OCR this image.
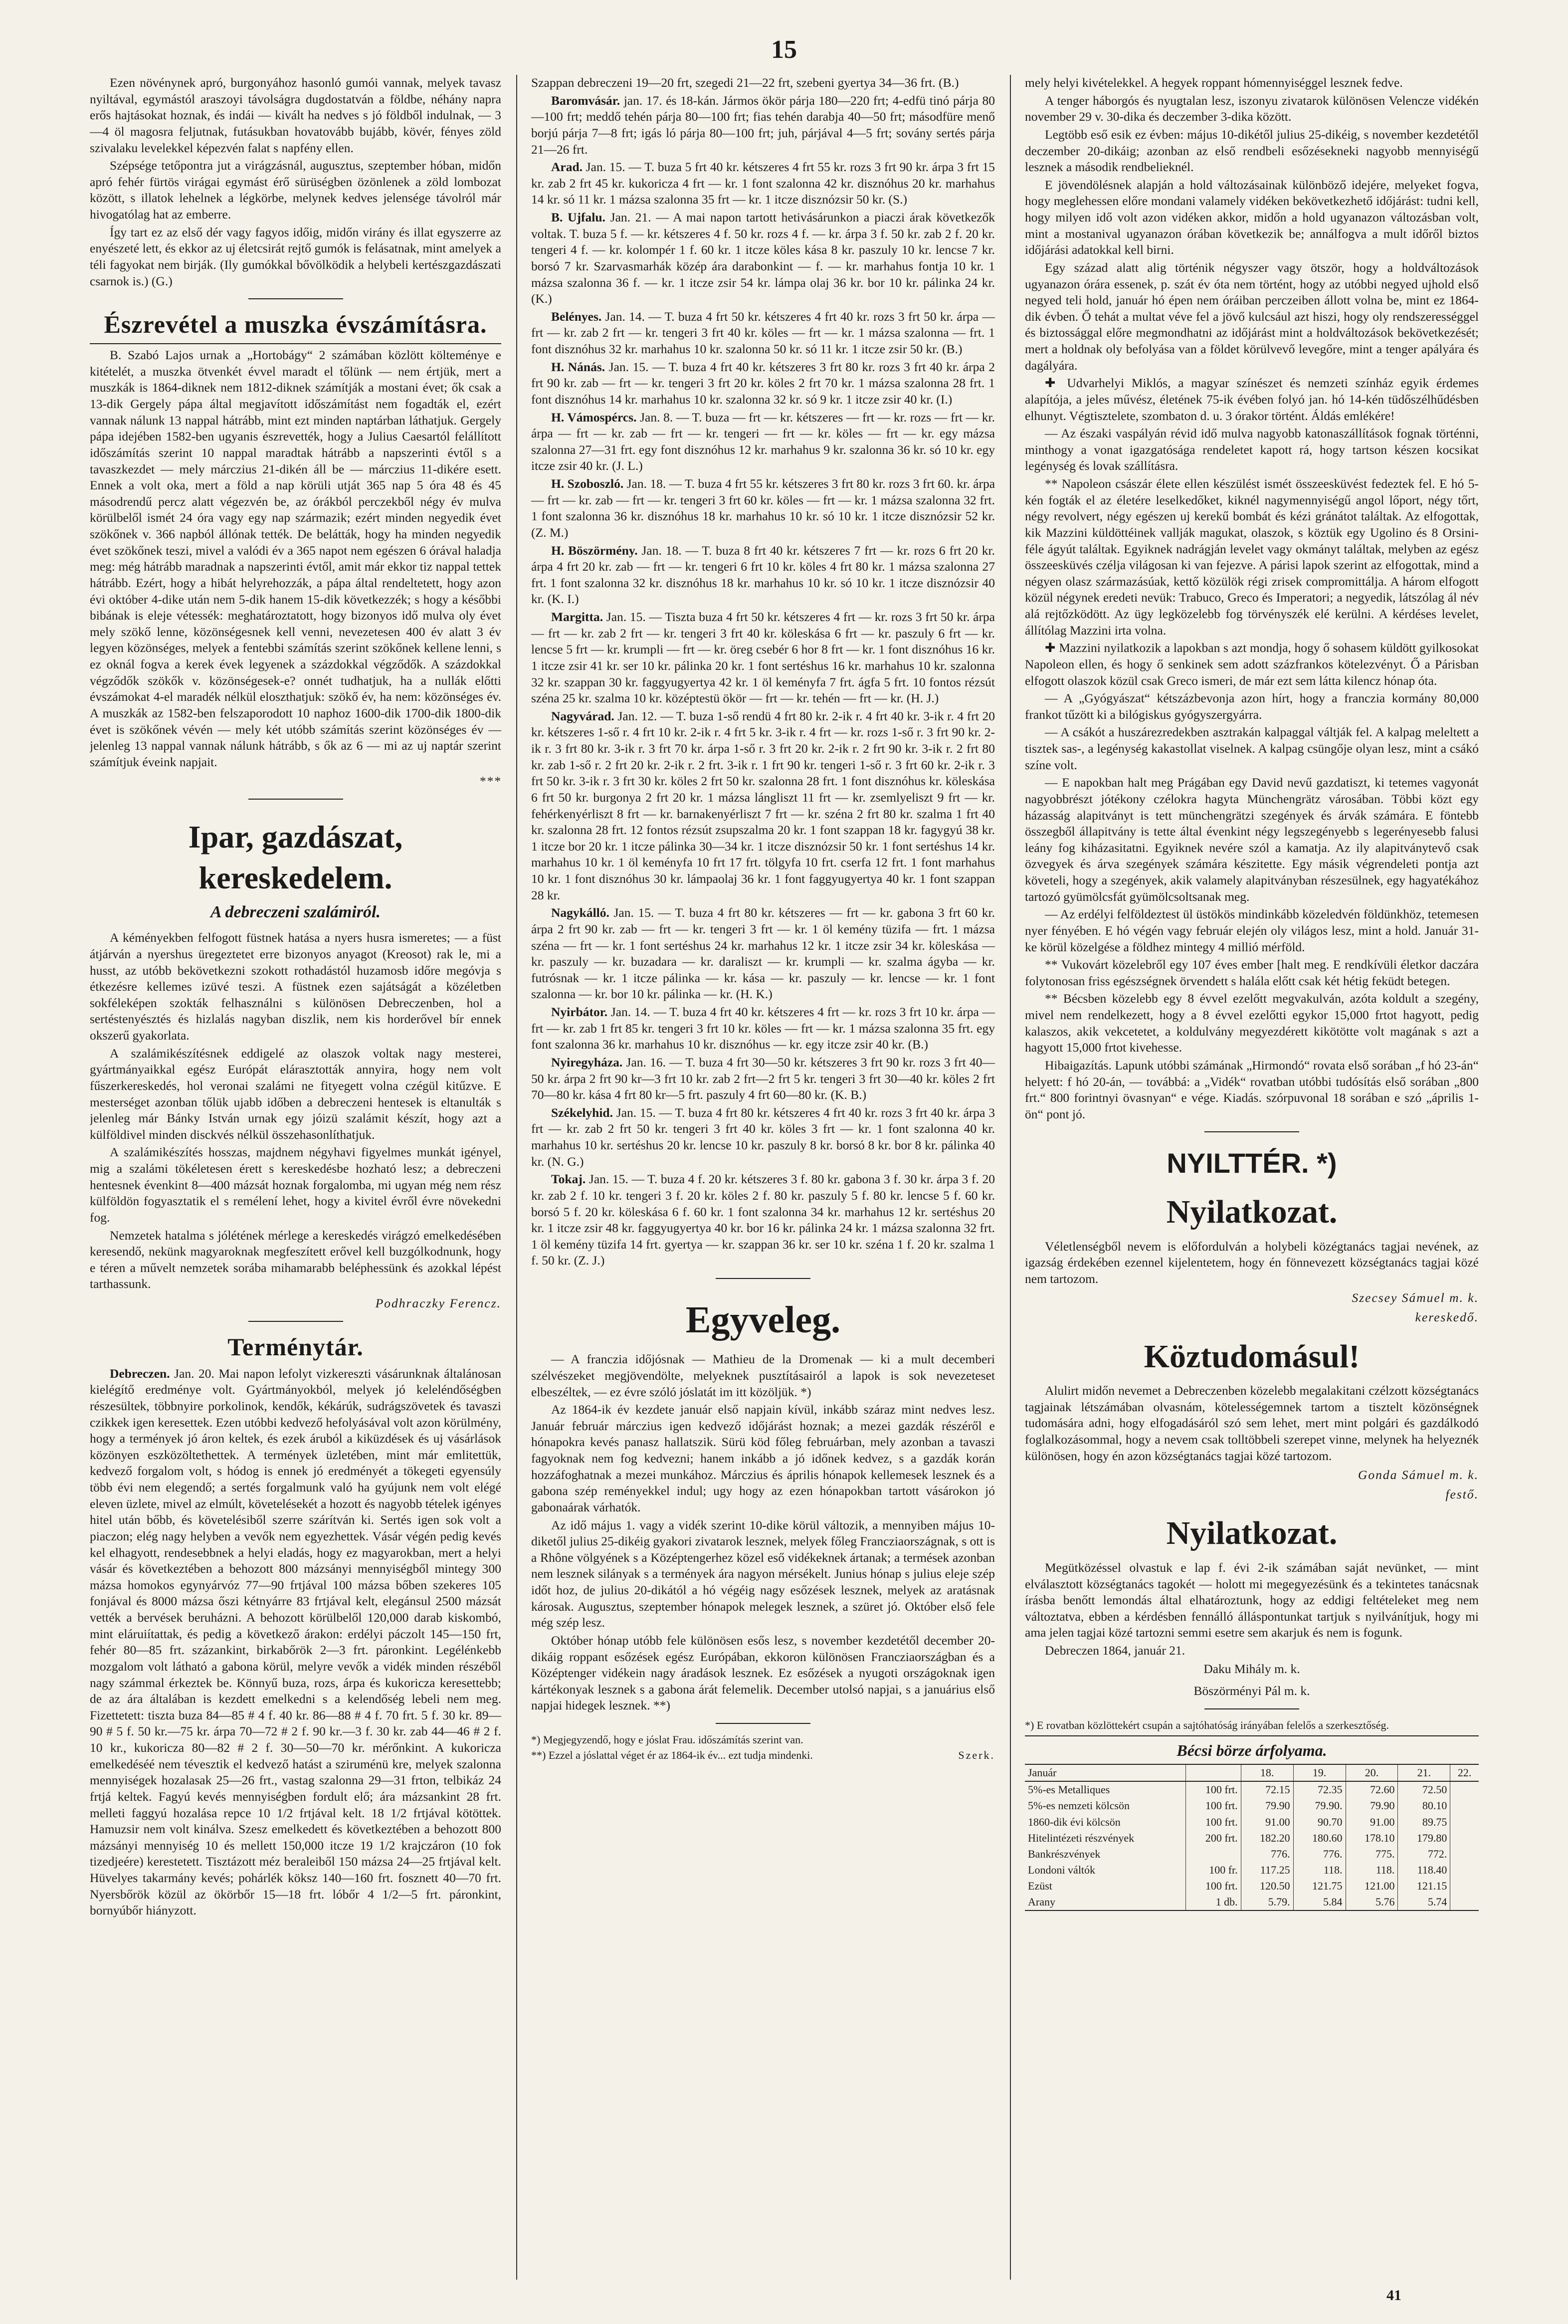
15

Ezen növénynek apró, burgonyához hasonló gumói vannak, melyek tavasz nyiltával, egymástól araszoyi távolságra dugdostatván a földbe, néhány napra erős hajtásokat hoznak, és indái — kivált ha nedves s jó földből indulnak, — 3—4 öl magosra feljutnak, futásukban hovatovább bujább, kövér, fényes zöld szivalaku levelekkel képezvén falat s napfény ellen.

Szépsége tetőpontra jut a virágzásnál, augusztus, szeptember hóban, midőn apró fehér fürtös virágai egymást érő sürüségben özönlenek a zöld lombozat között, s illatok lehelnek a légkörbe, melynek kedves jelensége távolról már hivogatólag hat az emberre.

Így tart ez az első dér vagy fagyos időig, midőn virány és illat egyszerre az enyészeté lett, és ekkor az uj életcsirát rejtő gumók is felásatnak, mint amelyek a téli fagyokat nem birják. (Ily gumókkal bővölködik a helybeli kertészgazdászati csarnok is.) (G.)

Észrevétel a muszka évszámításra.

B. Szabó Lajos urnak a „Hortobágy“ 2 számában közlött költeménye e kitételét, a muszka ötvenkét évvel maradt el tőlünk — nem értjük, mert a muszkák is 1864-diknek nem 1812-diknek számítják a mostani évet; ők csak a 13-dik Gergely pápa által megjavított időszámítást nem fogadták el, ezért vannak nálunk 13 nappal hátrább, mint ezt minden naptárban láthatjuk. Gergely pápa idejében 1582-ben ugyanis észrevették, hogy a Julius Caesartól felállított időszámítás szerint 10 nappal maradtak hátrább a napszerinti évtől s a tavaszkezdet — mely márczius 21-dikén áll be — márczius 11-dikére esett. Ennek a volt oka, mert a föld a nap körüli utját 365 nap 5 óra 48 és 45 másodrendű percz alatt végezvén be, az órákból perczekből négy év mulva körülbelől ismét 24 óra vagy egy nap származik; ezért minden negyedik évet szökőnek v. 366 napból állónak tették. De belátták, hogy ha minden negyedik évet szökőnek teszi, mivel a valódi év a 365 napot nem egészen 6 órával haladja meg: még hátrább maradnak a napszerinti évtől, amit már ekkor tiz nappal tettek hátrább. Ezért, hogy a hibát helyrehozzák, a pápa által rendeltetett, hogy azon évi október 4-dike után nem 5-dik hanem 15-dik következzék; s hogy a későbbi bibának is eleje vétessék: meghatároztatott, hogy bizonyos idő mulva oly évet mely szökő lenne, közönségesnek kell venni, nevezetesen 400 év alatt 3 év legyen közönséges, melyek a fentebbi számítás szerint szökőnek kellene lenni, s ez oknál fogva a kerek évek legyenek a százdokkal végződők. A százdokkal végződők szökők v. közönségesek-e? onnét tudhatjuk, ha a nullák előtti évszámokat 4-el maradék nélkül eloszthatjuk: szökő év, ha nem: közönséges év. A muszkák az 1582-ben felszaporodott 10 naphoz 1600-dik 1700-dik 1800-dik évet is szökőnek vévén — mely két utóbb számítás szerint közönséges év — jelenleg 13 nappal vannak nálunk hátrább, s ők az 6 — mi az uj naptár szerint számítjuk éveink napjait.

***

Ipar, gazdászat, kereskedelem.
A debreczeni szalámiról.

A kéményekben felfogott füstnek hatása a nyers husra ismeretes; — a füst átjárván a nyershus üregeztetet erre bizonyos anyagot (Kreosot) rak le, mi a husst, az utóbb bekövetkezni szokott rothadástól huzamosb időre megóvja s étkezésre kellemes izüvé teszi. A füstnek ezen sajátságát a közéletben sokféleképen szokták felhasználni s különösen Debreczenben, hol a sertéstenyésztés és hizlalás nagyban diszlik, nem kis horderővel bír ennek okszerű gyakorlata.

A szalámikészítésnek eddigelé az olaszok voltak nagy mesterei, gyártmányaikkal egész Európát elárasztották annyira, hogy nem volt fűszerkereskedés, hol veronai szalámi ne fityegett volna czégül kitűzve. E mesterséget azonban tőlük ujabb időben a debreczeni hentesek is eltanulták s jelenleg már Bánky István urnak egy jóizü szalámit készít, hogy azt a külföldivel minden disckvés nélkül összehasonlíthatjuk.

A szalámikészítés hosszas, majdnem négyhavi figyelmes munkát igényel, mig a szalámi tökéletesen érett s kereskedésbe hozható lesz; a debreczeni hentesnek évenkint 8—400 mázsát hoznak forgalomba, mi ugyan még nem rész külföldön fogyasztatik el s remélení lehet, hogy a kivitel évről évre növekedni fog.

Nemzetek hatalma s jólétének mérlege a kereskedés virágzó emelkedésében keresendő, nekünk magyaroknak megfeszített erővel kell buzgólkodnunk, hogy e téren a művelt nemzetek sorába mihamarabb beléphessünk és azokkal lépést tarthassunk.

Podhraczky Ferencz.

Terménytár.

Debreczen. Jan. 20. Mai napon lefolyt vizkereszti vásárunknak általánosan kielégítő eredménye volt. Gyártmányokból, melyek jó keleléndőségben részesültek, többnyire porkolinok, kendők, kékárúk, sudrágszövetek és tavaszi czikkek igen keresettek. Ezen utóbbi kedvező hefolyásával volt azon körülmény, hogy a termények jó áron keltek, és ezek áruból a kiküzdések és uj vásárlások közönyen eszközöltethettek. A termények üzletében, mint már emlitettük, kedvező forgalom volt, s hódog is ennek jó eredményét a tökegeti egyensúly több évi nem elegendő; a sertés forgalmunk való ha gyújunk nem volt elégé eleven üzlete, mivel az elmúlt, követelésekét a hozott és nagyobb tételek igényes hitel után bőbb, és követelésiből szerre szárítván ki. Sertés igen sok volt a piaczon; elég nagy helyben a vevők nem egyezhettek. Vásár végén pedig kevés kel elhagyott, rendesebbnek a helyi eladás, hogy ez magyarokban, mert a helyi vásár és következtében a behozott 800 mázsányi mennyiségből mintegy 300 mázsa homokos egynyárvóz 77—90 frtjával 100 mázsa bőben szekeres 105 fonjával és 8000 mázsa őszi kétnyárre 83 frtjával kelt, elegánsul 2500 mázsát vették a bervések beruházni. A behozott körülbelől 120,000 darab kiskombó, mint eláruiítattak, és pedig a következő árakon: erdélyi páczolt 145—150 frt, fehér 80—85 frt. százankint, birkabőrök 2—3 frt. páronkint. Legélénkebb mozgalom volt látható a gabona körül, melyre vevők a vidék minden részéből nagy számmal érkeztek be. Könnyű buza, rozs, árpa és kukoricza keresettebb; de az ára általában is kezdett emelkedni s a kelendőség lebeli nem meg. Fizettetett: tiszta buza 84—85 # 4 f. 40 kr. 86—88 # 4 f. 70 frt. 5 f. 30 kr. 89—90 # 5 f. 50 kr.—75 kr. árpa 70—72 # 2 f. 90 kr.—3 f. 30 kr. zab 44—46 # 2 f. 10 kr., kukoricza 80—82 # 2 f. 30—50—70 kr. mérőnkint. A kukoricza emelkedéséé nem tévesztik el kedvező hatást a sziruménü kre, melyek szalonna mennyiségek hozalasak 25—26 frt., vastag szalonna 29—31 frton, telbikáz 24 frtjá keltek. Fagyú kevés mennyiségben fordult elő; ára mázsankint 28 frt. melleti faggyú hozalása repce 10 1/2 frtjával kelt. 18 1/2 frtjával kötöttek. Hamuzsir nem volt kinálva. Szesz emelkedett és következtében a behozott 800 mázsányi mennyiség 10 és mellett 150,000 itcze 19 1/2 krajczáron (10 fok tizedjeére) kerestetett. Tisztázott méz beraleiből 150 mázsa 24—25 frtjával kelt. Hüvelyes takarmány kevés; pohárlék köksz 140—160 frt. fosznett 40—70 frt. Nyersbőrök közül az ökörbőr 15—18 frt. lóbőr 4 1/2—5 frt. páronkint, bornyúbőr hiányzott.

Szappan debreczeni 19—20 frt, szegedi 21—22 frt, szebeni gyertya 34—36 frt. (B.)

Baromvásár. jan. 17. és 18-kán. Jármos ökör párja 180—220 frt; 4-edfü tinó párja 80—100 frt; meddő tehén párja 80—100 frt; fias tehén darabja 40—50 frt; másodfüre menő borjú párja 7—8 frt; igás ló párja 80—100 frt; juh, párjával 4—5 frt; sovány sertés párja 21—26 frt.

Arad. Jan. 15. — T. buza 5 frt 40 kr. kétszeres 4 frt 55 kr. rozs 3 frt 90 kr. árpa 3 frt 15 kr. zab 2 frt 45 kr. kukoricza 4 frt — kr. 1 font szalonna 42 kr. disznóhus 20 kr. marhahus 14 kr. só 11 kr. 1 mázsa szalonna 35 frt — kr. 1 itcze disznózsir 50 kr. (S.)

B. Ujfalu. Jan. 21. — A mai napon tartott hetivásárunkon a piaczi árak következők voltak. T. buza 5 f. — kr. kétszeres 4 f. 50 kr. rozs 4 f. — kr. árpa 3 f. 50 kr. zab 2 f. 20 kr. tengeri 4 f. — kr. kolompér 1 f. 60 kr. 1 itcze köles kása 8 kr. paszuly 10 kr. lencse 7 kr. borsó 7 kr. Szarvasmarhák közép ára darabonkint — f. — kr. marhahus fontja 10 kr. 1 mázsa szalonna 36 f. — kr. 1 itcze zsir 54 kr. lámpa olaj 36 kr. bor 10 kr. pálinka 24 kr. (K.)

Belényes. Jan. 14. — T. buza 4 frt 50 kr. kétszeres 4 frt 40 kr. rozs 3 frt 50 kr. árpa — frt — kr. zab 2 frt — kr. tengeri 3 frt 40 kr. köles — frt — kr. 1 mázsa szalonna — frt. 1 font disznóhus 32 kr. marhahus 10 kr. szalonna 50 kr. só 11 kr. 1 itcze zsir 50 kr. (B.)

H. Nánás. Jan. 15. — T. buza 4 frt 40 kr. kétszeres 3 frt 80 kr. rozs 3 frt 40 kr. árpa 2 frt 90 kr. zab — frt — kr. tengeri 3 frt 20 kr. köles 2 frt 70 kr. 1 mázsa szalonna 28 frt. 1 font disznóhus 14 kr. marhahus 10 kr. szalonna 32 kr. só 9 kr. 1 itcze zsir 40 kr. (I.)

H. Vámospércs. Jan. 8. — T. buza — frt — kr. kétszeres — frt — kr. rozs — frt — kr. árpa — frt — kr. zab — frt — kr. tengeri — frt — kr. köles — frt — kr. egy mázsa szalonna 27—31 frt. egy font disznóhus 12 kr. marhahus 9 kr. szalonna 36 kr. só 10 kr. egy itcze zsir 40 kr. (J. L.)

H. Szoboszló. Jan. 18. — T. buza 4 frt 55 kr. kétszeres 3 frt 80 kr. rozs 3 frt 60. kr. árpa — frt — kr. zab — frt — kr. tengeri 3 frt 60 kr. köles — frt — kr. 1 mázsa szalonna 32 frt. 1 font szalonna 36 kr. disznóhus 18 kr. marhahus 10 kr. só 10 kr. 1 itcze disznózsir 52 kr. (Z. M.)

H. Böszörmény. Jan. 18. — T. buza 8 frt 40 kr. kétszeres 7 frt — kr. rozs 6 frt 20 kr. árpa 4 frt 20 kr. zab — frt — kr. tengeri 6 frt 10 kr. köles 4 frt 80 kr. 1 mázsa szalonna 27 frt. 1 font szalonna 32 kr. disznóhus 18 kr. marhahus 10 kr. só 10 kr. 1 itcze disznózsir 40 kr. (K. I.)

Margitta. Jan. 15. — Tiszta buza 4 frt 50 kr. kétszeres 4 frt — kr. rozs 3 frt 50 kr. árpa — frt — kr. zab 2 frt — kr. tengeri 3 frt 40 kr. köleskása 6 frt — kr. paszuly 6 frt — kr. lencse 5 frt — kr. krumpli — frt — kr. öreg csebér 6 hor 8 frt — kr. 1 font disznóhus 16 kr. 1 itcze zsir 41 kr. ser 10 kr. pálinka 20 kr. 1 font sertéshus 16 kr. marhahus 10 kr. szalonna 32 kr. szappan 30 kr. faggyugyertya 42 kr. 1 öl keményfa 7 frt. ágfa 5 frt. 10 fontos rézsút széna 25 kr. szalma 10 kr. középtestü ökör — frt — kr. tehén — frt — kr. (H. J.)

Nagyvárad. Jan. 12. — T. buza 1-ső rendü 4 frt 80 kr. 2-ik r. 4 frt 40 kr. 3-ik r. 4 frt 20 kr. kétszeres 1-ső r. 4 frt 10 kr. 2-ik r. 4 frt 5 kr. 3-ik r. 4 frt — kr. rozs 1-ső r. 3 frt 90 kr. 2-ik r. 3 frt 80 kr. 3-ik r. 3 frt 70 kr. árpa 1-ső r. 3 frt 20 kr. 2-ik r. 2 frt 90 kr. 3-ik r. 2 frt 80 kr. zab 1-ső r. 2 frt 20 kr. 2-ik r. 2 frt. 3-ik r. 1 frt 90 kr. tengeri 1-ső r. 3 frt 60 kr. 2-ik r. 3 frt 50 kr. 3-ik r. 3 frt 30 kr. köles 2 frt 50 kr. szalonna 28 frt. 1 font disznóhus kr. köleskása 6 frt 50 kr. burgonya 2 frt 20 kr. 1 mázsa lángliszt 11 frt — kr. zsemlyeliszt 9 frt — kr. fehérkenyérliszt 8 frt — kr. barnakenyérliszt 7 frt — kr. széna 2 frt 80 kr. szalma 1 frt 40 kr. szalonna 28 frt. 12 fontos rézsút zsupszalma 20 kr. 1 font szappan 18 kr. fagygyú 38 kr. 1 itcze bor 20 kr. 1 itcze pálinka 30—34 kr. 1 itcze disznózsir 50 kr. 1 font sertéshus 14 kr. marhahus 10 kr. 1 öl keményfa 10 frt 17 frt. tölgyfa 10 frt. cserfa 12 frt. 1 font marhahus 10 kr. 1 font disznóhus 30 kr. lámpaolaj 36 kr. 1 font faggyugyertya 40 kr. 1 font szappan 28 kr.

Nagykálló. Jan. 15. — T. buza 4 frt 80 kr. kétszeres — frt — kr. gabona 3 frt 60 kr. árpa 2 frt 90 kr. zab — frt — kr. tengeri 3 frt — kr. 1 öl kemény tüzifa — frt. 1 mázsa széna — frt — kr. 1 font sertéshus 24 kr. marhahus 12 kr. 1 itcze zsir 34 kr. köleskása — kr. paszuly — kr. buzadara — kr. daraliszt — kr. krumpli — kr. szalma ágyba — kr. futrósnak — kr. 1 itcze pálinka — kr. kása — kr. paszuly — kr. lencse — kr. 1 font szalonna — kr. bor 10 kr. pálinka — kr. (H. K.)

Nyirbátor. Jan. 14. — T. buza 4 frt 40 kr. kétszeres 4 frt — kr. rozs 3 frt 10 kr. árpa — frt — kr. zab 1 frt 85 kr. tengeri 3 frt 10 kr. köles — frt — kr. 1 mázsa szalonna 35 frt. egy font szalonna 36 kr. marhahus 10 kr. disznóhus — kr. egy itcze zsir 40 kr. (B.)

Nyiregyháza. Jan. 16. — T. buza 4 frt 30—50 kr. kétszeres 3 frt 90 kr. rozs 3 frt 40—50 kr. árpa 2 frt 90 kr—3 frt 10 kr. zab 2 frt—2 frt 5 kr. tengeri 3 frt 30—40 kr. köles 2 frt 70—80 kr. kása 4 frt 80 kr—5 frt. paszuly 4 frt 60—80 kr. (K. B.)

Székelyhid. Jan. 15. — T. buza 4 frt 80 kr. kétszeres 4 frt 40 kr. rozs 3 frt 40 kr. árpa 3 frt — kr. zab 2 frt 50 kr. tengeri 3 frt 40 kr. köles 3 frt — kr. 1 font szalonna 40 kr. marhahus 10 kr. sertéshus 20 kr. lencse 10 kr. paszuly 8 kr. borsó 8 kr. bor 8 kr. pálinka 40 kr. (N. G.)

Tokaj. Jan. 15. — T. buza 4 f. 20 kr. kétszeres 3 f. 80 kr. gabona 3 f. 30 kr. árpa 3 f. 20 kr. zab 2 f. 10 kr. tengeri 3 f. 20 kr. köles 2 f. 80 kr. paszuly 5 f. 80 kr. lencse 5 f. 60 kr. borsó 5 f. 20 kr. köleskása 6 f. 60 kr. 1 font szalonna 34 kr. marhahus 12 kr. sertéshus 20 kr. 1 itcze zsir 48 kr. faggyugyertya 40 kr. bor 16 kr. pálinka 24 kr. 1 mázsa szalonna 32 frt. 1 öl kemény tüzifa 14 frt. gyertya — kr. szappan 36 kr. ser 10 kr. széna 1 f. 20 kr. szalma 1 f. 50 kr. (Z. J.)

Egyveleg.

— A franczia időjósnak — Mathieu de la Dromenak — ki a mult decemberi szélvészeket megjövendölte, melyeknek pusztításairól a lapok is sok nevezeteset elbeszéltek, — ez évre szóló jóslatát im itt közöljük. *)

Az 1864-ik év kezdete január első napjain kívül, inkább száraz mint nedves lesz. Január február márczius igen kedvező időjárást hoznak; a mezei gazdák részéről e hónapokra kevés panasz hallatszik. Sürü köd főleg februárban, mely azonban a tavaszi fagyoknak nem fog kedvezni; hanem inkább a jó időnek kedvez, s a gazdák korán hozzáfoghatnak a mezei munkához. Márczius és április hónapok kellemesek lesznek és a gabona szép reményekkel indul; ugy hogy az ezen hónapokban tartott vásárokon jó gabonaárak várhatók.

Az idő május 1. vagy a vidék szerint 10-dike körül változik, a mennyiben május 10-diketől julius 25-dikéig gyakori zivatarok lesznek, melyek főleg Francziaországnak, s ott is a Rhône völgyének s a Középtengerhez közel eső vidékeknek ártanak; a termések azonban nem lesznek silányak s a termények ára nagyon mérsékelt. Junius hónap s julius eleje szép időt hoz, de julius 20-dikától a hó végéig nagy esőzések lesznek, melyek az aratásnak károsak. Augusztus, szeptember hónapok melegek lesznek, a szüret jó. Október első fele még szép lesz.

Október hónap utóbb fele különösen esős lesz, s november kezdetétől december 20-dikáig roppant esőzések egész Európában, ekkoron különösen Francziaországban és a Középtenger vidékein nagy áradások lesznek. Ez esőzések a nyugoti országoknak igen kártékonyak lesznek s a gabona árát felemelik. December utolsó napjai, s a januárius első napjai hidegek lesznek. **)

*) Megjegyzendő, hogy e jóslat Frau. időszámítás szerint van.

**) Ezzel a jóslattal véget ér az 1864-ik év... ezt tudja mindenki.	Szerk.

mely helyi kivételekkel. A hegyek roppant hómennyiséggel lesznek fedve.

A tenger háborgós és nyugtalan lesz, iszonyu zivatarok különösen Velencze vidékén november 29 v. 30-dika és deczember 3-dika között.

Legtöbb eső esik ez évben: május 10-dikétől julius 25-dikéig, s november kezdetétől deczember 20-dikáig; azonban az első rendbeli esőzésekneki nagyobb mennyiségű lesznek a második rendbelieknél.

E jövendölésnek alapján a hold változásainak különböző idejére, melyeket fogva, hogy meglehessen előre mondani valamely vidéken bekövetkezhető időjárást: tudni kell, hogy milyen idő volt azon vidéken akkor, midőn a hold ugyanazon változásban volt, mint a mostanival ugyanazon órában következik be; annálfogva a mult időről biztos időjárási adatokkal kell birni.

Egy század alatt alig történik négyszer vagy ötször, hogy a holdváltozások ugyanazon órára essenek, p. szát év óta nem történt, hogy az utóbbi negyed ujhold első negyed teli hold, január hó épen nem óráiban perczeiben állott volna be, mint ez 1864-dik évben. Ő tehát a multat véve fel a jövő kulcsául azt hiszi, hogy oly rendszerességgel és biztossággal előre megmondhatni az időjárást mint a holdváltozások bekövetkezését; mert a holdnak oly befolyása van a földet körülvevő levegőre, mint a tenger apályára és dagályára.

✚ Udvarhelyi Miklós, a magyar színészet és nemzeti színház egyik érdemes alapítója, a jeles művész, életének 75-ik évében folyó jan. hó 14-kén tüdőszélhűdésben elhunyt. Végtisztelete, szombaton d. u. 3 órakor történt. Áldás emlékére!

— Az északi vaspályán révid idő mulva nagyobb katonaszállítások fognak történni, minthogy a vonat igazgatósága rendeletet kapott rá, hogy tartson készen kocsikat legénység és lovak szállításra.

** Napoleon császár élete ellen készülést ismét összeesküvést fedeztek fel. E hó 5-kén fogták el az életére leselkedőket, kiknél nagymennyiségű angol lőport, négy tőrt, négy revolvert, négy egészen uj kerekű bombát és kézi gránátot találtak. Az elfogottak, kik Mazzini küldöttéinek vallják magukat, olaszok, s köztük egy Ugolino és 8 Orsini-féle ágyút találtak. Egyiknek nadrágján levelet vagy okmányt találtak, melyben az egész összeesküvés czélja világosan ki van fejezve. A párisi lapok szerint az elfogottak, mind a négyen olasz származásúak, kettő közülök régi zrisek compromittálja. A három elfogott közül négynek eredeti nevük: Trabuco, Greco és Imperatori; a negyedik, látszólag ál név alá rejtőzködött. Az ügy legközelebb fog törvényszék elé kerülni. A kérdéses levelet, állítólag Mazzini irta volna.

✚ Mazzini nyilatkozik a lapokban s azt mondja, hogy ő sohasem küldött gyilkosokat Napoleon ellen, és hogy ő senkinek sem adott százfrankos kötelezvényt. Ő a Párisban elfogott olaszok közül csak Greco ismeri, de már ezt sem látta kilencz hónap óta.

— A „Gyógyászat“ kétszázbevonja azon hírt, hogy a franczia kormány 80,000 frankot tűzött ki a bilógiskus gyógyszergyárra.

— A csákót a huszárezredekben asztrakán kalpaggal váltják fel. A kalpag meleltett a tisztek sas-, a legénység kakastollat viselnek. A kalpag csüngője olyan lesz, mint a csákó színe volt.

— E napokban halt meg Prágában egy David nevű gazdatiszt, ki tetemes vagyonát nagyobbrészt jótékony czélokra hagyta Münchengrätz városában. Többi közt egy házasság alapitványt is tett münchengrätzi szegények és árvák számára. E föntebb összegből állapitvány is tette által évenkint négy legszegényebb s legerényesebb falusi leány fog kiházasitatni. Egyiknek nevére szól a kamatja. Az ily alapitványtevő csak özvegyek és árva szegények számára készitette. Egy másik végrendeleti pontja azt követeli, hogy a szegények, akik valamely alapitványban részesülnek, egy hagyatékához tartozó gyümölcsfát gyümölcsoltsanak meg.

— Az erdélyi felföldeztest ül üstökös mindinkább közeledvén földünkhöz, tetemesen nyer fényében. E hó végén vagy február elején oly világos lesz, mint a hold. Január 31-ke körül közelgése a földhez mintegy 4 millió mérföld.

** Vukovárt közelebről egy 107 éves ember [halt meg. E rendkívüli életkor daczára folytonosan friss egészségnek örvendett s halála előtt csak két hétig feküdt betegen.

** Bécsben közelebb egy 8 évvel ezelőtt megvakulván, azóta koldult a szegény, mivel nem rendelkezett, hogy a 8 évvel ezelőtti egykor 15,000 frtot hagyott, pedig kalaszos, akik vekcetetet, a koldulvány megyezdérett kikötötte volt magának s azt a hagyott 15,000 frtot kivehesse.

Hibaigazítás. Lapunk utóbbi számának „Hirmondó“ rovata első sorában „f hó 23-án“ helyett: f hó 20-án, — továbbá: a „Vidék“ rovatban utóbbi tudósítás első sorában „800 frt.“ 800 forintnyi övasnyan“ e vége. Kiadás. szórpuvonal 18 sorában e szó „április 1-ön“ pont jó.

NYILTTÉR. *)
Nyilatkozat.

Véletlenségből nevem is előfordulván a holybeli közégtanács tagjai nevének, az igazság érdekében ezennel kijelentetem, hogy én fönnevezett községtanács tagjai közé nem tartozom.

Szecsey Sámuel m. k.

kereskedő.

Köztudomásul!

Alulirt midőn nevemet a Debreczenben közelebb megalakitani czélzott községtanács tagjainak létszámában olvasnám, kötelességemnek tartom a tisztelt közönségnek tudomására adni, hogy elfogadásáról szó sem lehet, mert mint polgári és gazdálkodó foglalkozásommal, hogy a nevem csak tolltöbbeli szerepet vinne, melynek ha helyeznék különösen, hogy én azon községtanács tagjai közé tartozom.

Gonda Sámuel m. k.

festő.

Nyilatkozat.

Megütközéssel olvastuk e lap f. évi 2-ik számában saját nevünket, — mint elválasztott községtanács tagokét — holott mi megegyezésünk és a tekintetes tanácsnak írásba benőtt lemondás által elhatároztunk, hogy az eddigi feltételeket meg nem változtatva, ebben a kérdésben fennálló álláspontunkat tartjuk s nyilvánítjuk, hogy mi ama jelen tagjai közé tartozni semmi esetre sem akarjuk és nem is fogunk.

Debreczen 1864, január 21.

Daku Mihály m. k.

Böszörményi Pál m. k.

*) E rovatban közlöttekért csupán a sajtóhatóság irányában felelős a szerkesztőség.

Bécsi börze árfolyama.
Január		18.	19.	20.	21.	22.
5%-es Metalliques	100 frt.	72.15	72.35	72.60	72.50	
5%-es nemzeti kölcsön	100 frt.	79.90	79.90.	79.90	80.10	
1860-dik évi kölcsön	100 frt.	91.00	90.70	91.00	89.75	
Hitelintézeti részvények	200 frt.	182.20	180.60	178.10	179.80	
Bankrészvények		776.	776.	775.	772.	
Londoni váltók	100 fr.	117.25	118.	118.	118.40	
Ezüst	100 frt.	120.50	121.75	121.00	121.15	
Arany	1 db.	5.79.	5.84	5.76	5.74	
41
